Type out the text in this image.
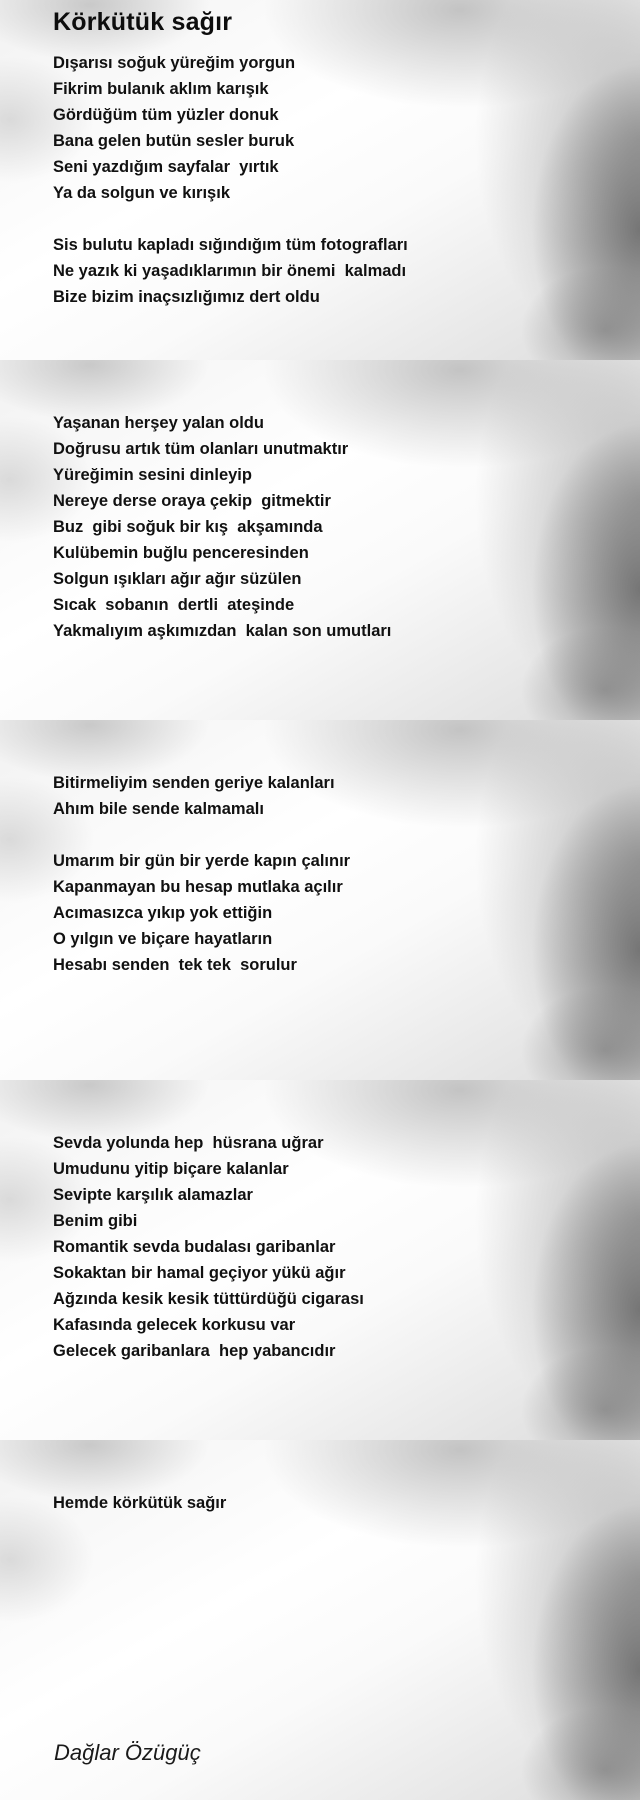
Körkütük sağır
Dışarısı soğuk yüreğim yorgun
Fikrim bulanık aklım karışık
Gördüğüm tüm yüzler donuk
Bana gelen butün sesler buruk
Seni yazdığım sayfalar  yırtık
Ya da solgun ve kırışık
Sis bulutu kapladı sığındığım tüm fotografları
Ne yazık ki yaşadıklarımın bir önemi  kalmadı
Bize bizim inaçsızlığımız dert oldu
Yaşanan herşey yalan oldu
Doğrusu artık tüm olanları unutmaktır
Yüreğimin sesini dinleyip
Nereye derse oraya çekip  gitmektir
Buz  gibi soğuk bir kış  akşamında
Kulübemin buğlu penceresinden
Solgun ışıkları ağır ağır süzülen
Sıcak  sobanın  dertli  ateşinde
Yakmalıyım aşkımızdan  kalan son umutları
Bitirmeliyim senden geriye kalanları
Ahım bile sende kalmamalı
Umarım bir gün bir yerde kapın çalınır
Kapanmayan bu hesap mutlaka açılır
Acımasızca yıkıp yok ettiğin
O yılgın ve biçare hayatların
Hesabı senden  tek tek  sorulur
Sevda yolunda hep  hüsrana uğrar
Umudunu yitip biçare kalanlar
Sevipte karşılık alamazlar
Benim gibi
Romantik sevda budalası garibanlar
Sokaktan bir hamal geçiyor yükü ağır
Ağzında kesik kesik tüttürdüğü cigarası
Kafasında gelecek korkusu var
Gelecek garibanlara  hep yabancıdır
Hemde körkütük sağır
Dağlar Özügüç
